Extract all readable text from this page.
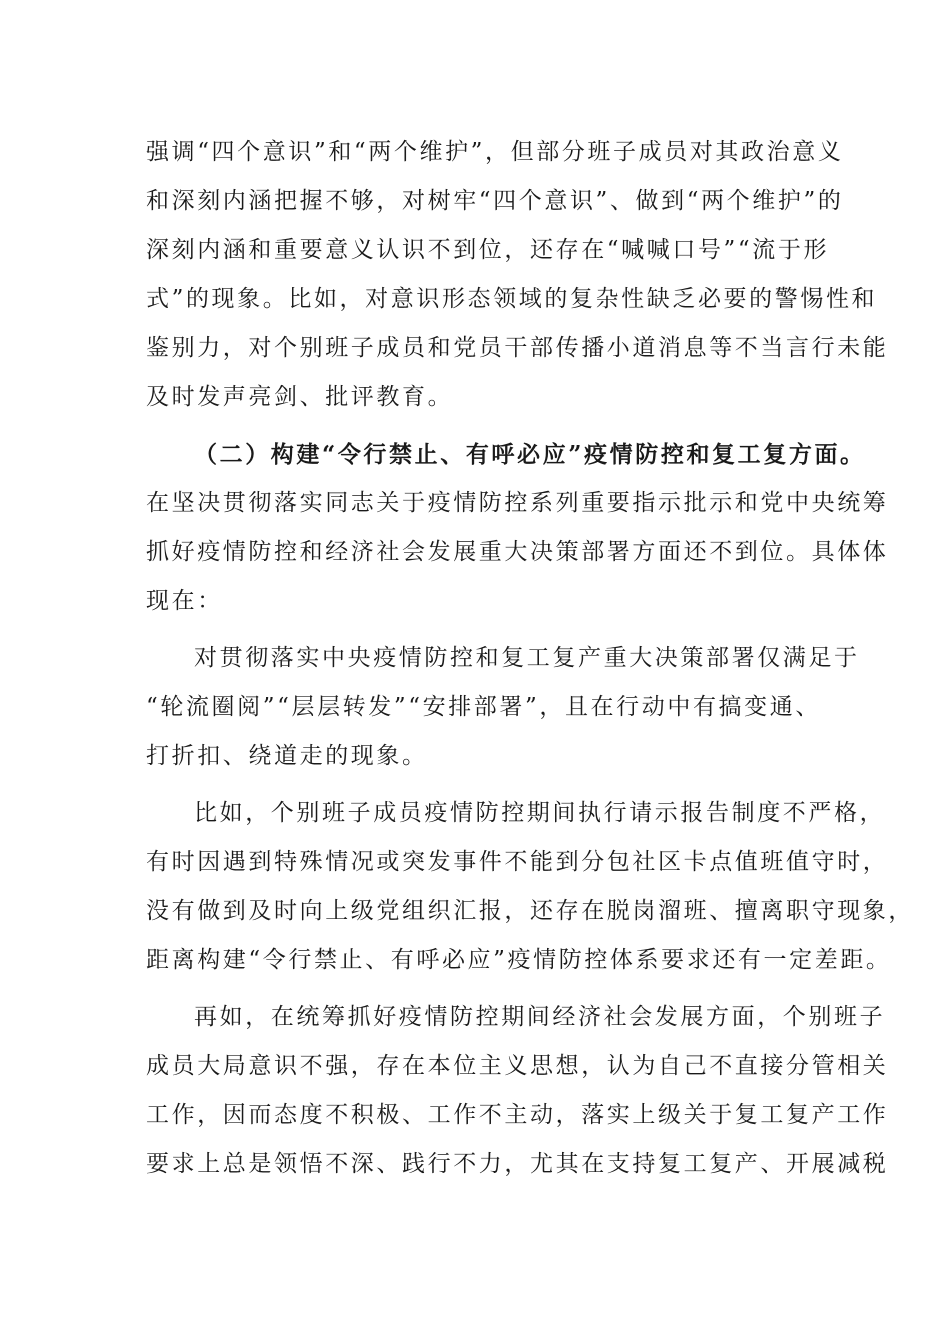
强调“四个意识”和“两个维护”，但部分班子成员对其政治意义
和深刻内涵把握不够，对树牢“四个意识”、做到“两个维护”的
深刻内涵和重要意义认识不到位，还存在“喊喊口号”“流于形
式”的现象。比如，对意识形态领域的复杂性缺乏必要的警惕性和
鉴别力，对个别班子成员和党员干部传播小道消息等不当言行未能
及时发声亮剑、批评教育。
（二）构建“令行禁止、有呼必应”疫情防控和复工复方面。
在坚决贯彻落实同志关于疫情防控系列重要指示批示和党中央统筹
抓好疫情防控和经济社会发展重大决策部署方面还不到位。具体体
现在：
对贯彻落实中央疫情防控和复工复产重大决策部署仅满足于
“轮流圈阅”“层层转发”“安排部署”，且在行动中有搞变通、
打折扣、绕道走的现象。
比如，个别班子成员疫情防控期间执行请示报告制度不严格，
有时因遇到特殊情况或突发事件不能到分包社区卡点值班值守时，
没有做到及时向上级党组织汇报，还存在脱岗溜班、擅离职守现象，
距离构建“令行禁止、有呼必应”疫情防控体系要求还有一定差距。
再如，在统筹抓好疫情防控期间经济社会发展方面，个别班子
成员大局意识不强，存在本位主义思想，认为自己不直接分管相关
工作，因而态度不积极、工作不主动，落实上级关于复工复产工作
要求上总是领悟不深、践行不力，尤其在支持复工复产、开展减税
